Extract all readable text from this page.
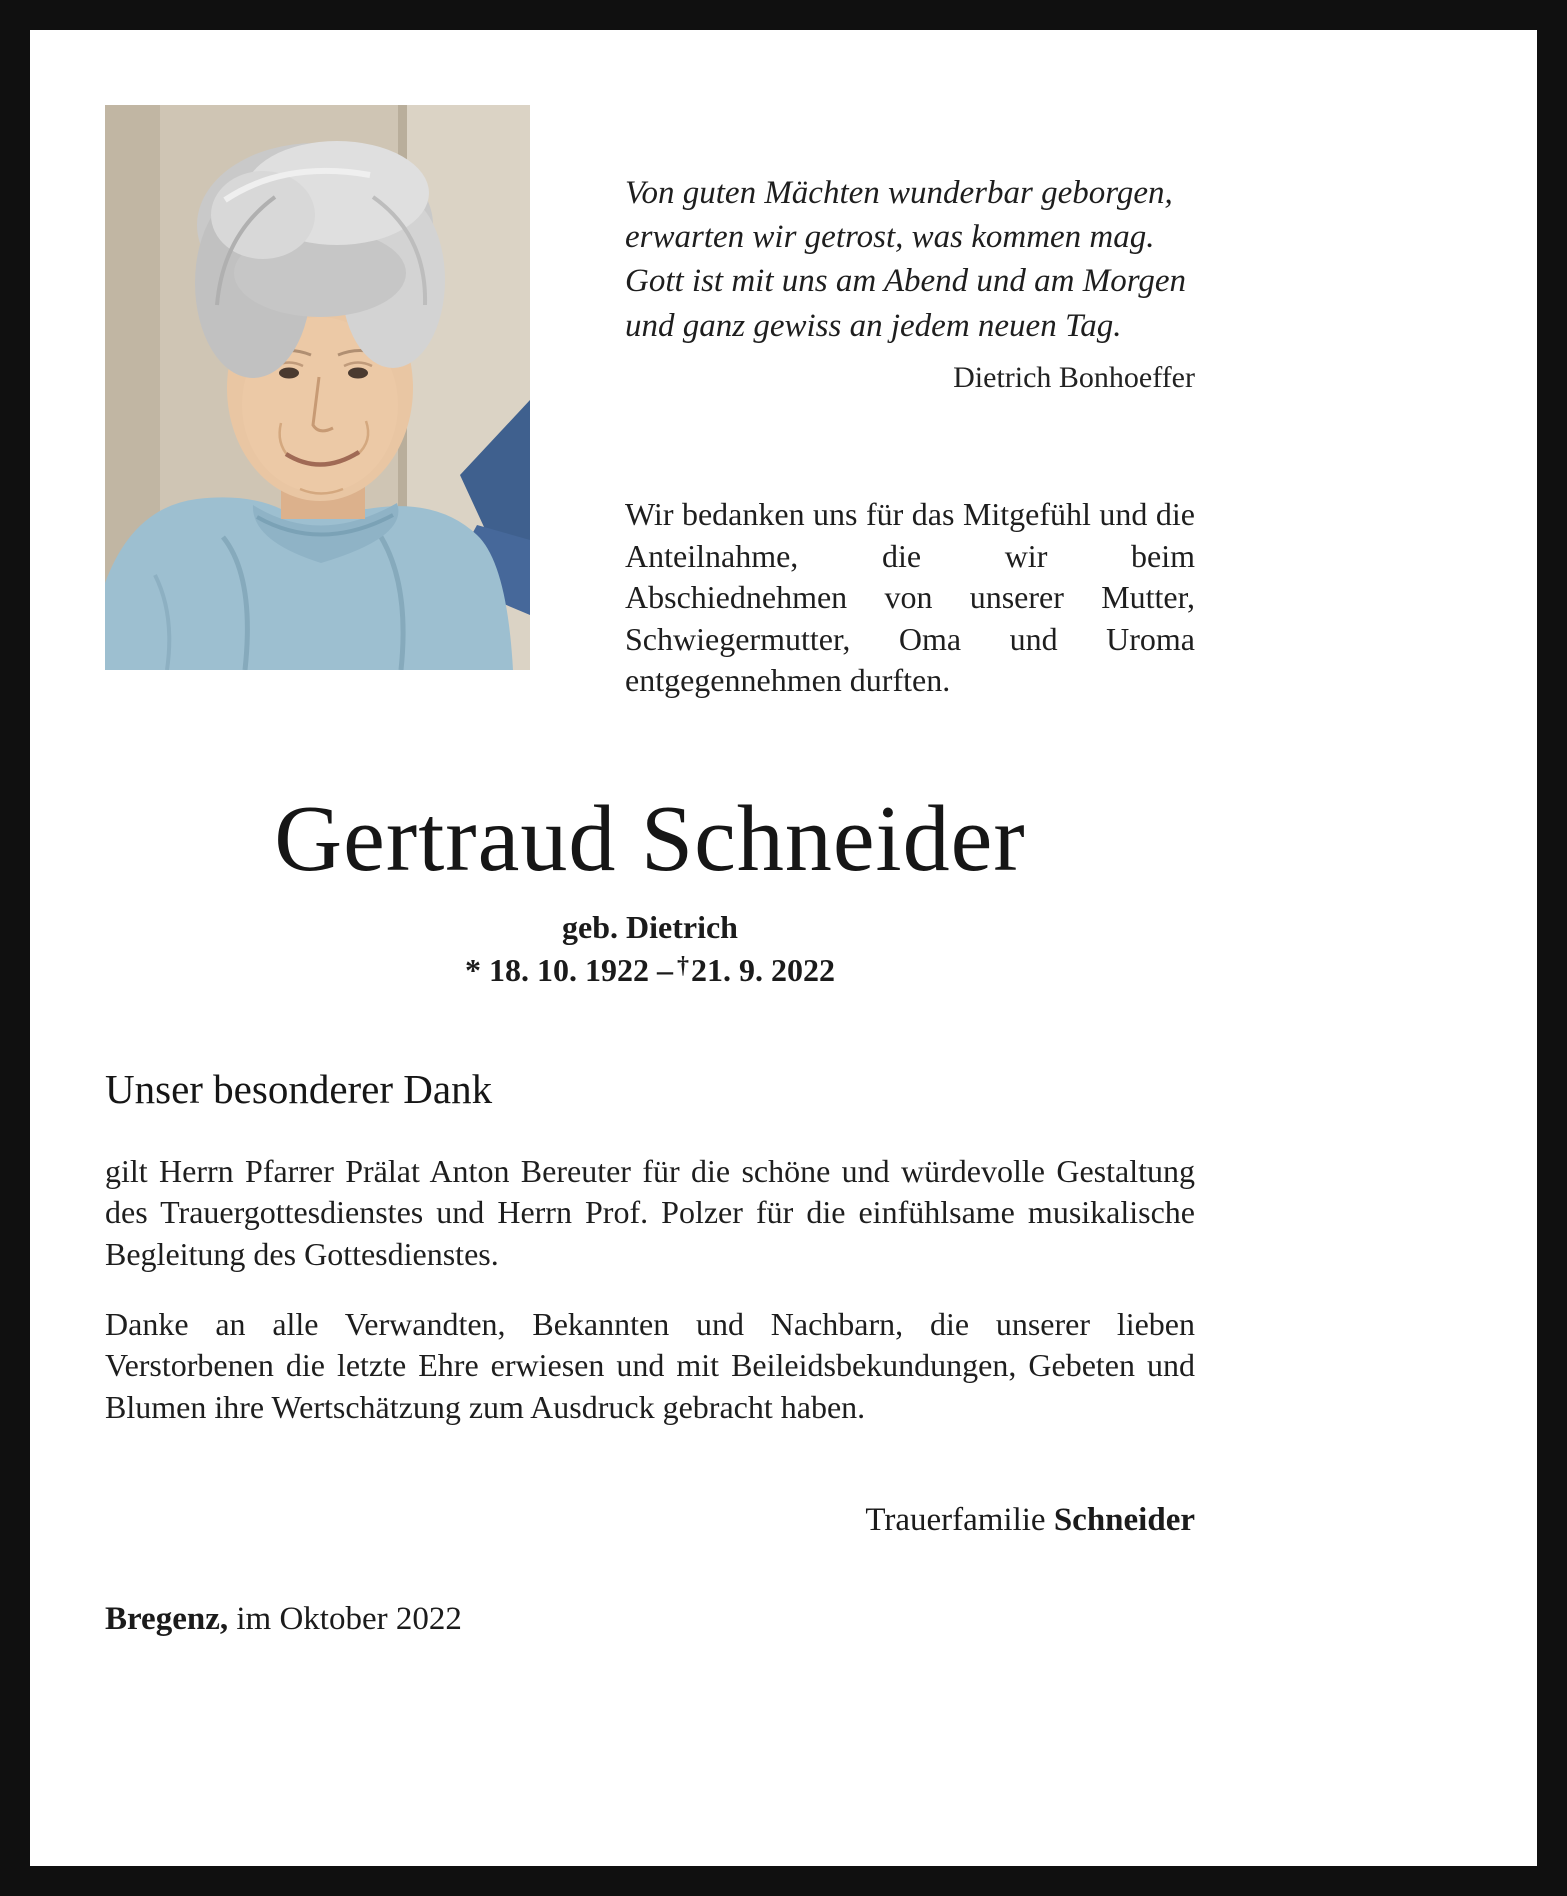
Von guten Mächten wunderbar geborgen,
erwarten wir getrost, was kommen mag.
Gott ist mit uns am Abend und am Morgen
und ganz gewiss an jedem neuen Tag.
Dietrich Bonhoeffer

Wir bedanken uns für das Mitgefühl und die Anteilnahme, die wir beim Abschiednehmen von unserer Mutter, Schwiegermutter, Oma und Uroma entgegennehmen durften.

Gertraud Schneider
geb. Dietrich
* 18. 10. 1922 – †21. 9. 2022
Unser besonderer Dank

gilt Herrn Pfarrer Prälat Anton Bereuter für die schöne und würdevolle Gestaltung des Trauergottesdienstes und Herrn Prof. Polzer für die einfühlsame musikalische Begleitung des Gottesdienstes.

Danke an alle Verwandten, Bekannten und Nachbarn, die unserer lieben Verstorbenen die letzte Ehre erwiesen und mit Beileidsbekundungen, Gebeten und Blumen ihre Wertschätzung zum Ausdruck gebracht haben.

Trauerfamilie Schneider
Bregenz, im Oktober 2022
